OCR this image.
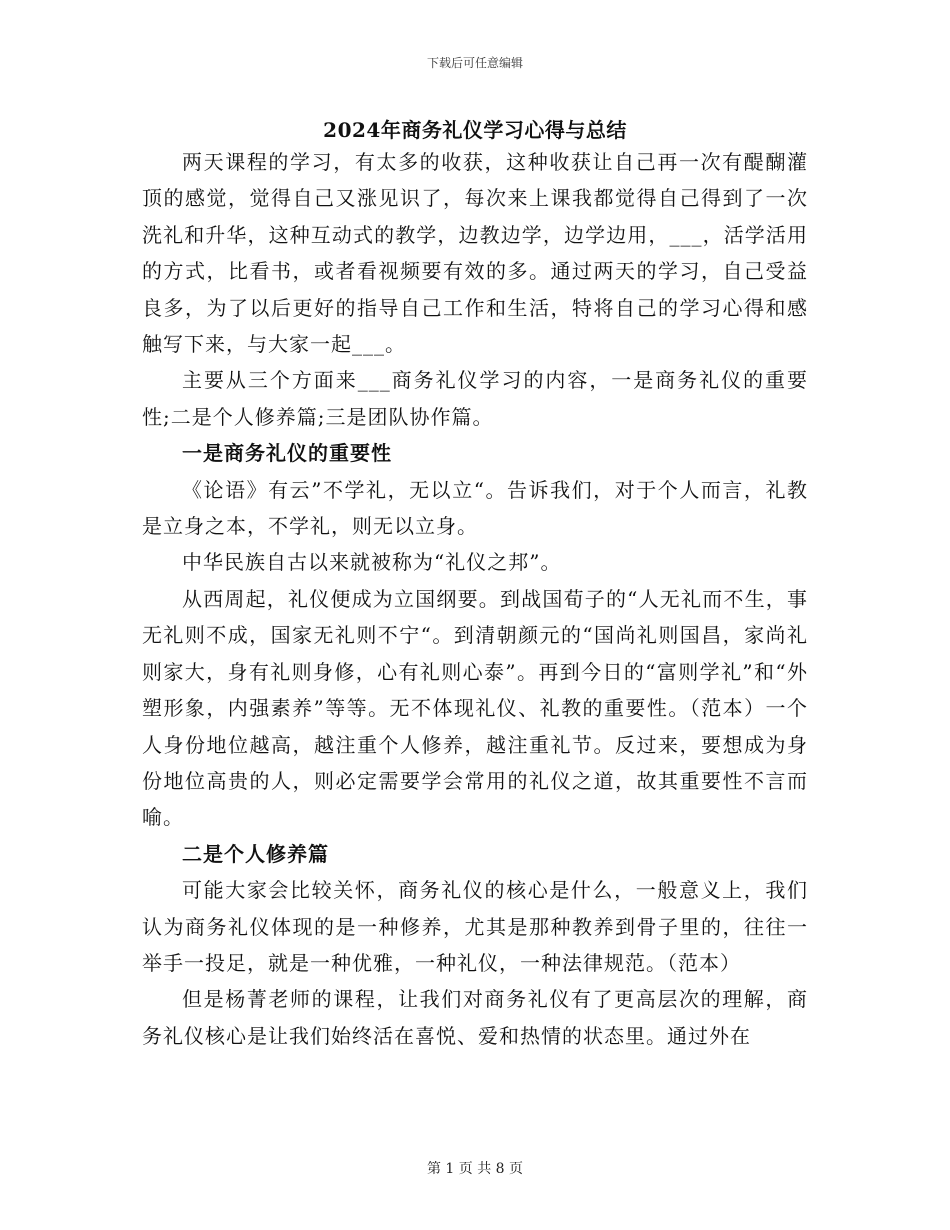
下载后可任意编辑
2024年商务礼仪学习心得与总结

两天课程的学习，有太多的收获，这种收获让自己再一次有醍醐灌顶的感觉，觉得自己又涨见识了，每次来上课我都觉得自己得到了一次洗礼和升华，这种互动式的教学，边教边学，边学边用，___，活学活用的方式，比看书，或者看视频要有效的多。通过两天的学习，自己受益良多，为了以后更好的指导自己工作和生活，特将自己的学习心得和感触写下来，与大家一起___。

主要从三个方面来___商务礼仪学习的内容，一是商务礼仪的重要性;二是个人修养篇;三是团队协作篇。

一是商务礼仪的重要性

《论语》有云”不学礼，无以立“。告诉我们，对于个人而言，礼教是立身之本，不学礼，则无以立身。

中华民族自古以来就被称为“礼仪之邦”。

从西周起，礼仪便成为立国纲要。到战国荀子的“人无礼而不生，事无礼则不成，国家无礼则不宁“。到清朝颜元的“国尚礼则国昌，家尚礼则家大，身有礼则身修，心有礼则心泰”。再到今日的“富则学礼”和“外塑形象，内强素养”等等。无不体现礼仪、礼教的重要性。（范本）一个人身份地位越高，越注重个人修养，越注重礼节。反过来，要想成为身份地位高贵的人，则必定需要学会常用的礼仪之道，故其重要性不言而喻。

二是个人修养篇

可能大家会比较关怀，商务礼仪的核心是什么，一般意义上，我们认为商务礼仪体现的是一种修养，尤其是那种教养到骨子里的，往往一举手一投足，就是一种优雅，一种礼仪，一种法律规范。（范本）

但是杨菁老师的课程，让我们对商务礼仪有了更高层次的理解，商务礼仪核心是让我们始终活在喜悦、爱和热情的状态里。通过外在

第 1 页 共 8 页
